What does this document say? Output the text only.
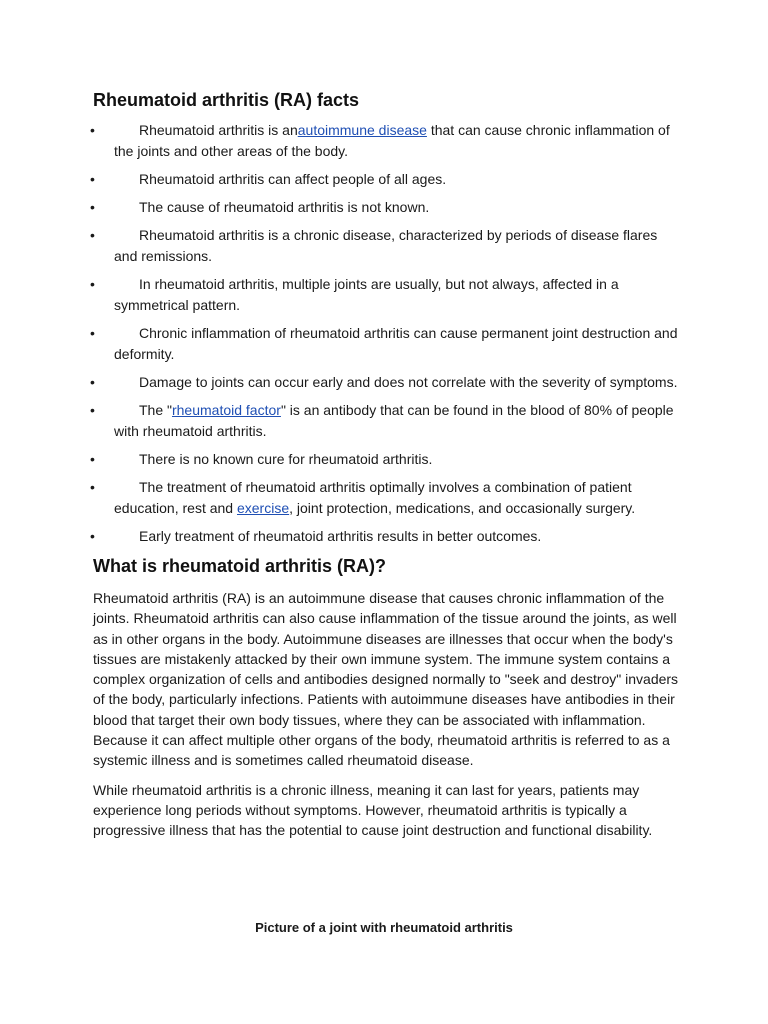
Rheumatoid arthritis (RA) facts
•	Rheumatoid arthritis is anautoimmune disease that can cause chronic inflammation of the joints and other areas of the body.
•	Rheumatoid arthritis can affect people of all ages.
•	The cause of rheumatoid arthritis is not known.
•	Rheumatoid arthritis is a chronic disease, characterized by periods of disease flares and remissions.
•	In rheumatoid arthritis, multiple joints are usually, but not always, affected in a symmetrical pattern.
•	Chronic inflammation of rheumatoid arthritis can cause permanent joint destruction and deformity.
•	Damage to joints can occur early and does not correlate with the severity of symptoms.
•	The "rheumatoid factor" is an antibody that can be found in the blood of 80% of people with rheumatoid arthritis.
•	There is no known cure for rheumatoid arthritis.
•	The treatment of rheumatoid arthritis optimally involves a combination of patient education, rest and exercise, joint protection, medications, and occasionally surgery.
•	Early treatment of rheumatoid arthritis results in better outcomes.
What is rheumatoid arthritis (RA)?

Rheumatoid arthritis (RA) is an autoimmune disease that causes chronic inflammation of the joints. Rheumatoid arthritis can also cause inflammation of the tissue around the joints, as well as in other organs in the body. Autoimmune diseases are illnesses that occur when the body's tissues are mistakenly attacked by their own immune system. The immune system contains a complex organization of cells and antibodies designed normally to "seek and destroy" invaders of the body, particularly infections. Patients with autoimmune diseases have antibodies in their blood that target their own body tissues, where they can be associated with inflammation. Because it can affect multiple other organs of the body, rheumatoid arthritis is referred to as a systemic illness and is sometimes called rheumatoid disease.

While rheumatoid arthritis is a chronic illness, meaning it can last for years, patients may experience long periods without symptoms. However, rheumatoid arthritis is typically a progressive illness that has the potential to cause joint destruction and functional disability.

Picture of a joint with rheumatoid arthritis
